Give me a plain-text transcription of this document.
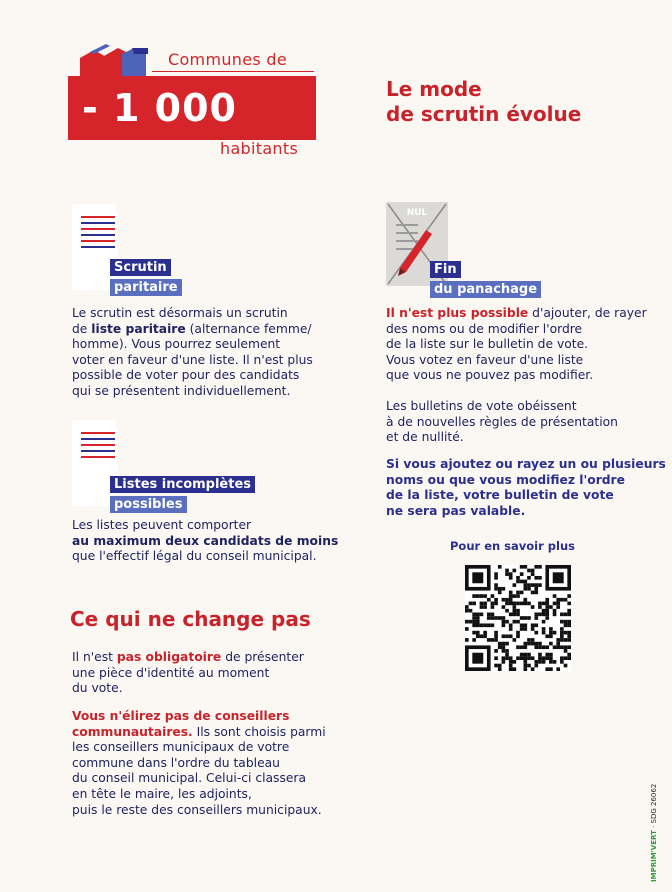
Communes de
- 1 000
habitants
Le mode
de scrutin évolue
Scrutin
paritaire
Le scrutin est désormais un scrutin
de liste paritaire (alternance femme/
homme). Vous pourrez seulement
voter en faveur d'une liste. Il n'est plus
possible de voter pour des candidats
qui se présentent individuellement.
Listes incomplètes
possibles
Les listes peuvent comporter
au maximum deux candidats de moins
que l'effectif légal du conseil municipal.
Ce qui ne change pas
Il n'est pas obligatoire de présenter
une pièce d'identité au moment
du vote.
Vous n'élirez pas de conseillers
communautaires. Ils sont choisis parmi
les conseillers municipaux de votre
commune dans l'ordre du tableau
du conseil municipal. Celui-ci classera
en tête le maire, les adjoints,
puis le reste des conseillers municipaux.
NUL
Fin
du panachage
Il n'est plus possible d'ajouter, de rayer
des noms ou de modifier l'ordre
de la liste sur le bulletin de vote.
Vous votez en faveur d'une liste
que vous ne pouvez pas modifier.
Les bulletins de vote obéissent
à de nouvelles règles de présentation
et de nullité.
Si vous ajoutez ou rayez un ou plusieurs
noms ou que vous modifiez l'ordre
de la liste, votre bulletin de vote
ne sera pas valable.
Pour en savoir plus
IMPRIM'VERT · SDG 26062
